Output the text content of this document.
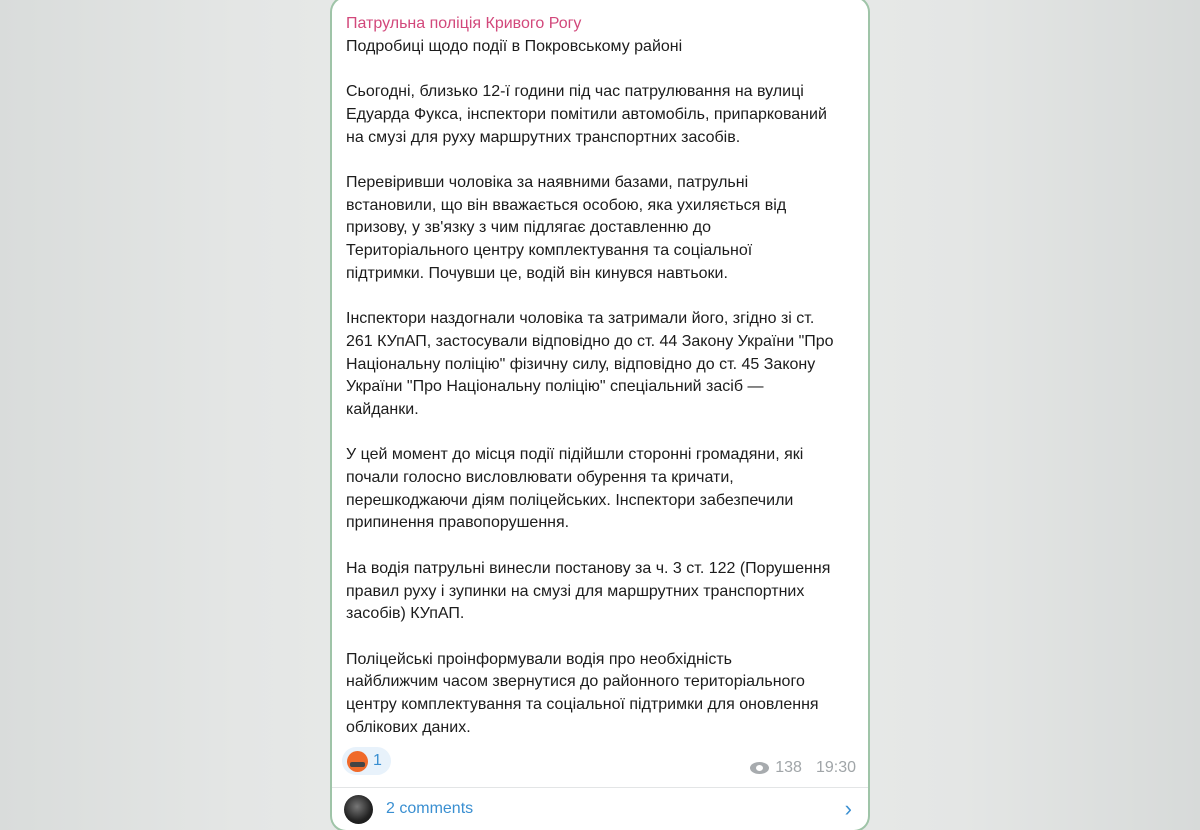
Патрульна поліція Кривого Рогу
Подробиці щодо події в Покровському районі
Сьогодні, близько 12-ї години під час патрулювання на вулиці
Едуарда Фукса, інспектори помітили автомобіль, припаркований
на смузі для руху маршрутних транспортних засобів.
Перевіривши чоловіка за наявними базами, патрульні
встановили, що він вважається особою, яка ухиляється від
призову, у зв'язку з чим підлягає доставленню до
Територіального центру комплектування та соціальної
підтримки. Почувши це, водій він кинувся навтьоки.
Інспектори наздогнали чоловіка та затримали його, згідно зі ст.
261 КУпАП, застосували відповідно до ст. 44 Закону України "Про
Національну поліцію" фізичну силу, відповідно до ст. 45 Закону
України "Про Національну поліцію" спеціальний засіб —
кайданки.
У цей момент до місця події підійшли сторонні громадяни, які
почали голосно висловлювати обурення та кричати,
перешкоджаючи діям поліцейських. Інспектори забезпечили
припинення правопорушення.
На водія патрульні винесли постанову за ч. 3 ст. 122 (Порушення
правил руху і зупинки на смузі для маршрутних транспортних
засобів) КУпАП.
Поліцейські проінформували водія про необхідність
найближчим часом звернутися до районного територіального
центру комплектування та соціальної підтримки для оновлення
облікових даних.
1	138 19:30
2 comments	›
